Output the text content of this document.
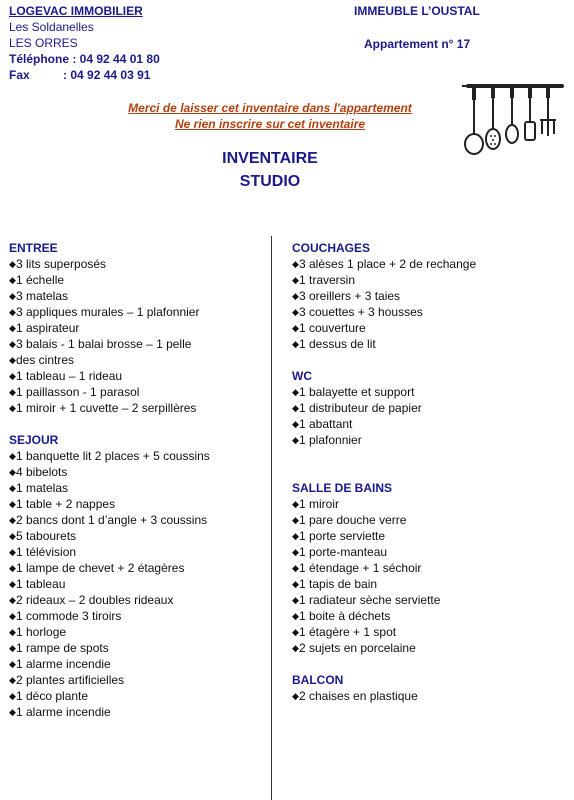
LOGEVAC IMMOBILIER
Les Soldanelles
LES ORRES
Téléphone : 04 92 44 01 80
Fax          : 04 92 44 03 91
IMMEUBLE L’OUSTAL
Appartement n° 17
Merci de laisser cet inventaire dans l'appartement
Ne rien inscrire sur cet inventaire
INVENTAIRE
STUDIO
ENTREE
◆3 lits superposés
◆1 échelle
◆3 matelas
◆3 appliques murales – 1 plafonnier
◆1 aspirateur
◆3 balais - 1 balai brosse – 1 pelle
◆des cintres
◆1 tableau – 1 rideau
◆1 paillasson - 1 parasol
◆1 miroir + 1 cuvette – 2 serpillères
SEJOUR
◆1 banquette lit 2 places + 5 coussins
◆4 bibelots
◆1 matelas
◆1 table + 2 nappes
◆2 bancs dont 1 d’angle + 3 coussins
◆5 tabourets
◆1 télévision
◆1 lampe de chevet + 2 étagères
◆1 tableau
◆2 rideaux – 2 doubles rideaux
◆1 commode 3 tiroirs
◆1 horloge
◆1 rampe de spots
◆1 alarme incendie
◆2 plantes artificielles
◆1 déco plante
◆1 alarme incendie
COUCHAGES
◆3 alèses 1 place + 2 de rechange
◆1 traversin
◆3 oreillers + 3 taies
◆3 couettes + 3 housses
◆1 couverture
◆1 dessus de lit
WC
◆1 balayette et support
◆1 distributeur de papier
◆1 abattant
◆1 plafonnier
SALLE DE BAINS
◆1 miroir
◆1 pare douche verre
◆1 porte serviette
◆1 porte-manteau
◆1 étendage + 1 séchoir
◆1 tapis de bain
◆1 radiateur sèche serviette
◆1 boite à déchets
◆1 étagère + 1 spot
◆2 sujets en porcelaine
BALCON
◆2 chaises en plastique
